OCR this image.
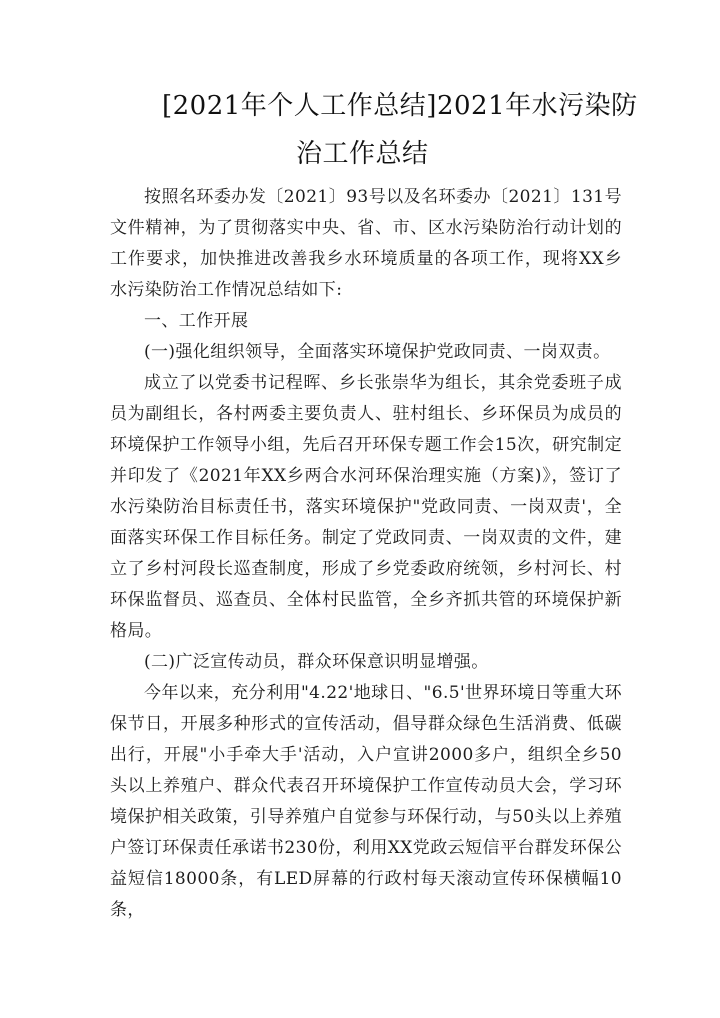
[2021年个人工作总结]2021年水污染防
治工作总结

按照名环委办发〔2021〕93号以及名环委办〔2021〕131号文件精神，为了贯彻落实中央、省、市、区水污染防治行动计划的工作要求，加快推进改善我乡水环境质量的各项工作，现将XX乡水污染防治工作情况总结如下:

一、工作开展

(一)强化组织领导，全面落实环境保护党政同责、一岗双责。

成立了以党委书记程晖、乡长张崇华为组长，其余党委班子成员为副组长，各村两委主要负责人、驻村组长、乡环保员为成员的环境保护工作领导小组，先后召开环保专题工作会15次，研究制定并印发了《2021年XX乡两合水河环保治理实施（方案)》，签订了水污染防治目标责任书，落实环境保护"党政同责、一岗双责'，全面落实环保工作目标任务。制定了党政同责、一岗双责的文件，建立了乡村河段长巡查制度，形成了乡党委政府统领，乡村河长、村环保监督员、巡查员、全体村民监管，全乡齐抓共管的环境保护新格局。

(二)广泛宣传动员，群众环保意识明显增强。

今年以来，充分利用"4.22'地球日、"6.5'世界环境日等重大环保节日，开展多种形式的宣传活动，倡导群众绿色生活消费、低碳出行，开展"小手牵大手'活动，入户宣讲2000多户，组织全乡50头以上养殖户、群众代表召开环境保护工作宣传动员大会，学习环境保护相关政策，引导养殖户自觉参与环保行动，与50头以上养殖户签订环保责任承诺书230份，利用XX党政云短信平台群发环保公益短信18000条，有LED屏幕的行政村每天滚动宣传环保横幅10条，
